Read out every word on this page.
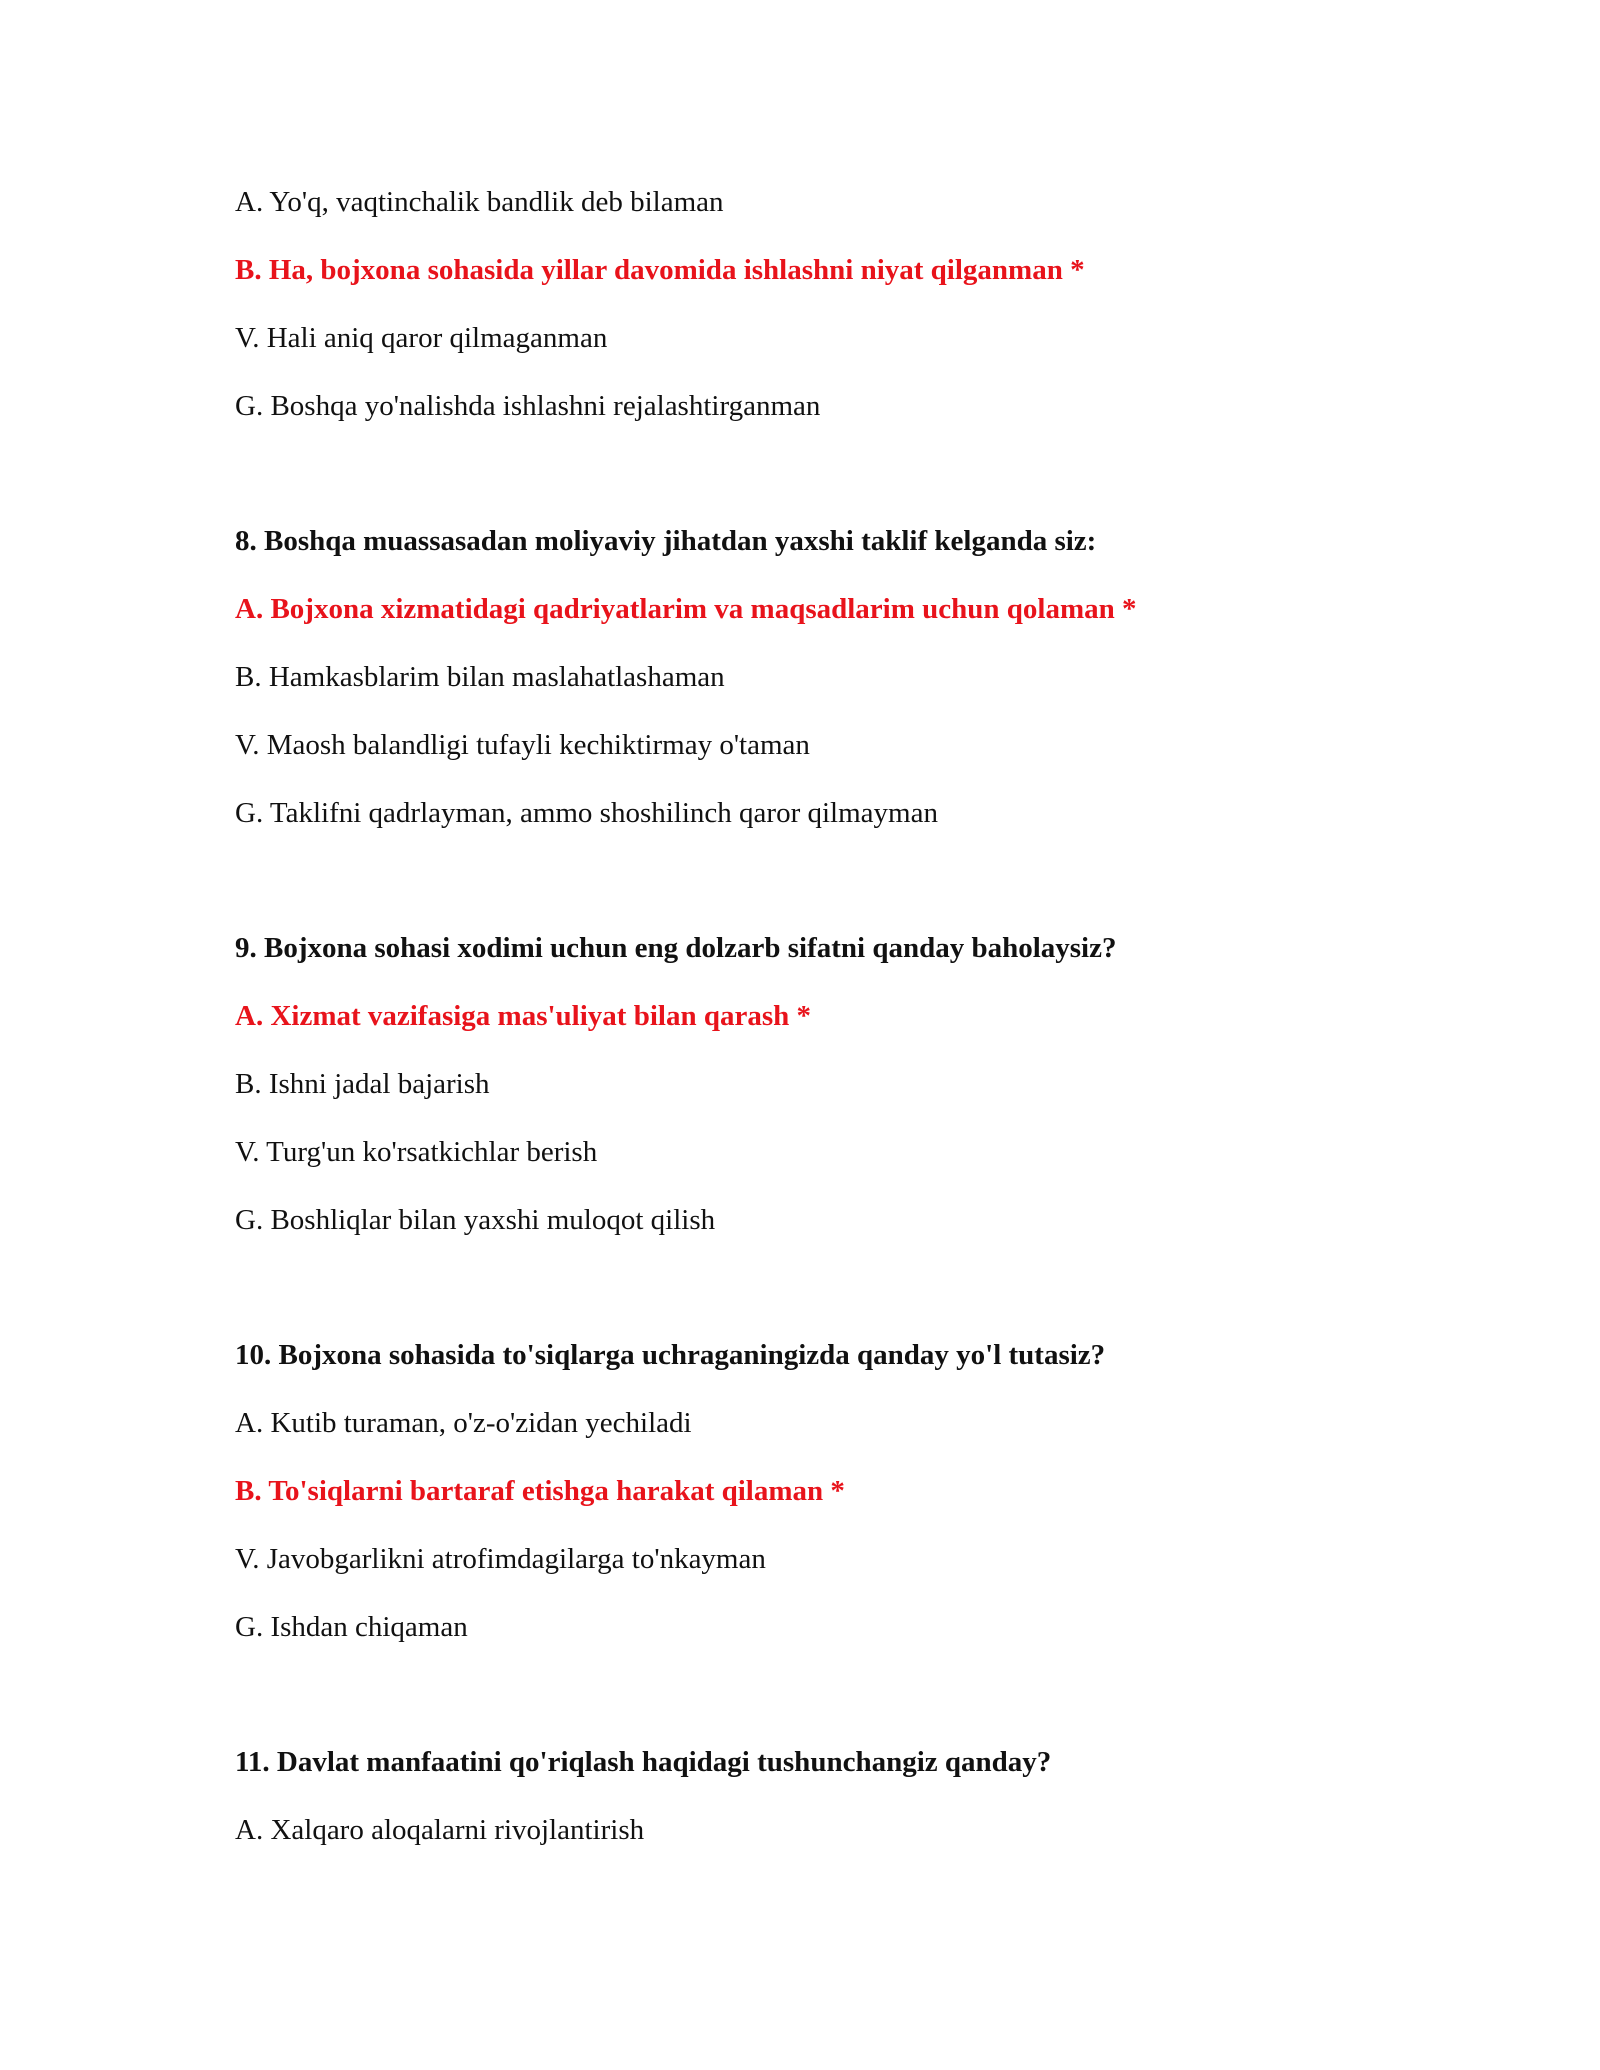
A. Yo'q, vaqtinchalik bandlik deb bilaman

B. Ha, bojxona sohasida yillar davomida ishlashni niyat qilganman *

V. Hali aniq qaror qilmaganman

G. Boshqa yo'nalishda ishlashni rejalashtirganman

8. Boshqa muassasadan moliyaviy jihatdan yaxshi taklif kelganda siz:

A. Bojxona xizmatidagi qadriyatlarim va maqsadlarim uchun qolaman *

B. Hamkasblarim bilan maslahatlashaman

V. Maosh balandligi tufayli kechiktirmay o'taman

G. Taklifni qadrlayman, ammo shoshilinch qaror qilmayman

9. Bojxona sohasi xodimi uchun eng dolzarb sifatni qanday baholaysiz?

A. Xizmat vazifasiga mas'uliyat bilan qarash *

B. Ishni jadal bajarish

V. Turg'un ko'rsatkichlar berish

G. Boshliqlar bilan yaxshi muloqot qilish

10. Bojxona sohasida to'siqlarga uchraganingizda qanday yo'l tutasiz?

A. Kutib turaman, o'z-o'zidan yechiladi

B. To'siqlarni bartaraf etishga harakat qilaman *

V. Javobgarlikni atrofimdagilarga to'nkayman

G. Ishdan chiqaman

11. Davlat manfaatini qo'riqlash haqidagi tushunchangiz qanday?

A. Xalqaro aloqalarni rivojlantirish
